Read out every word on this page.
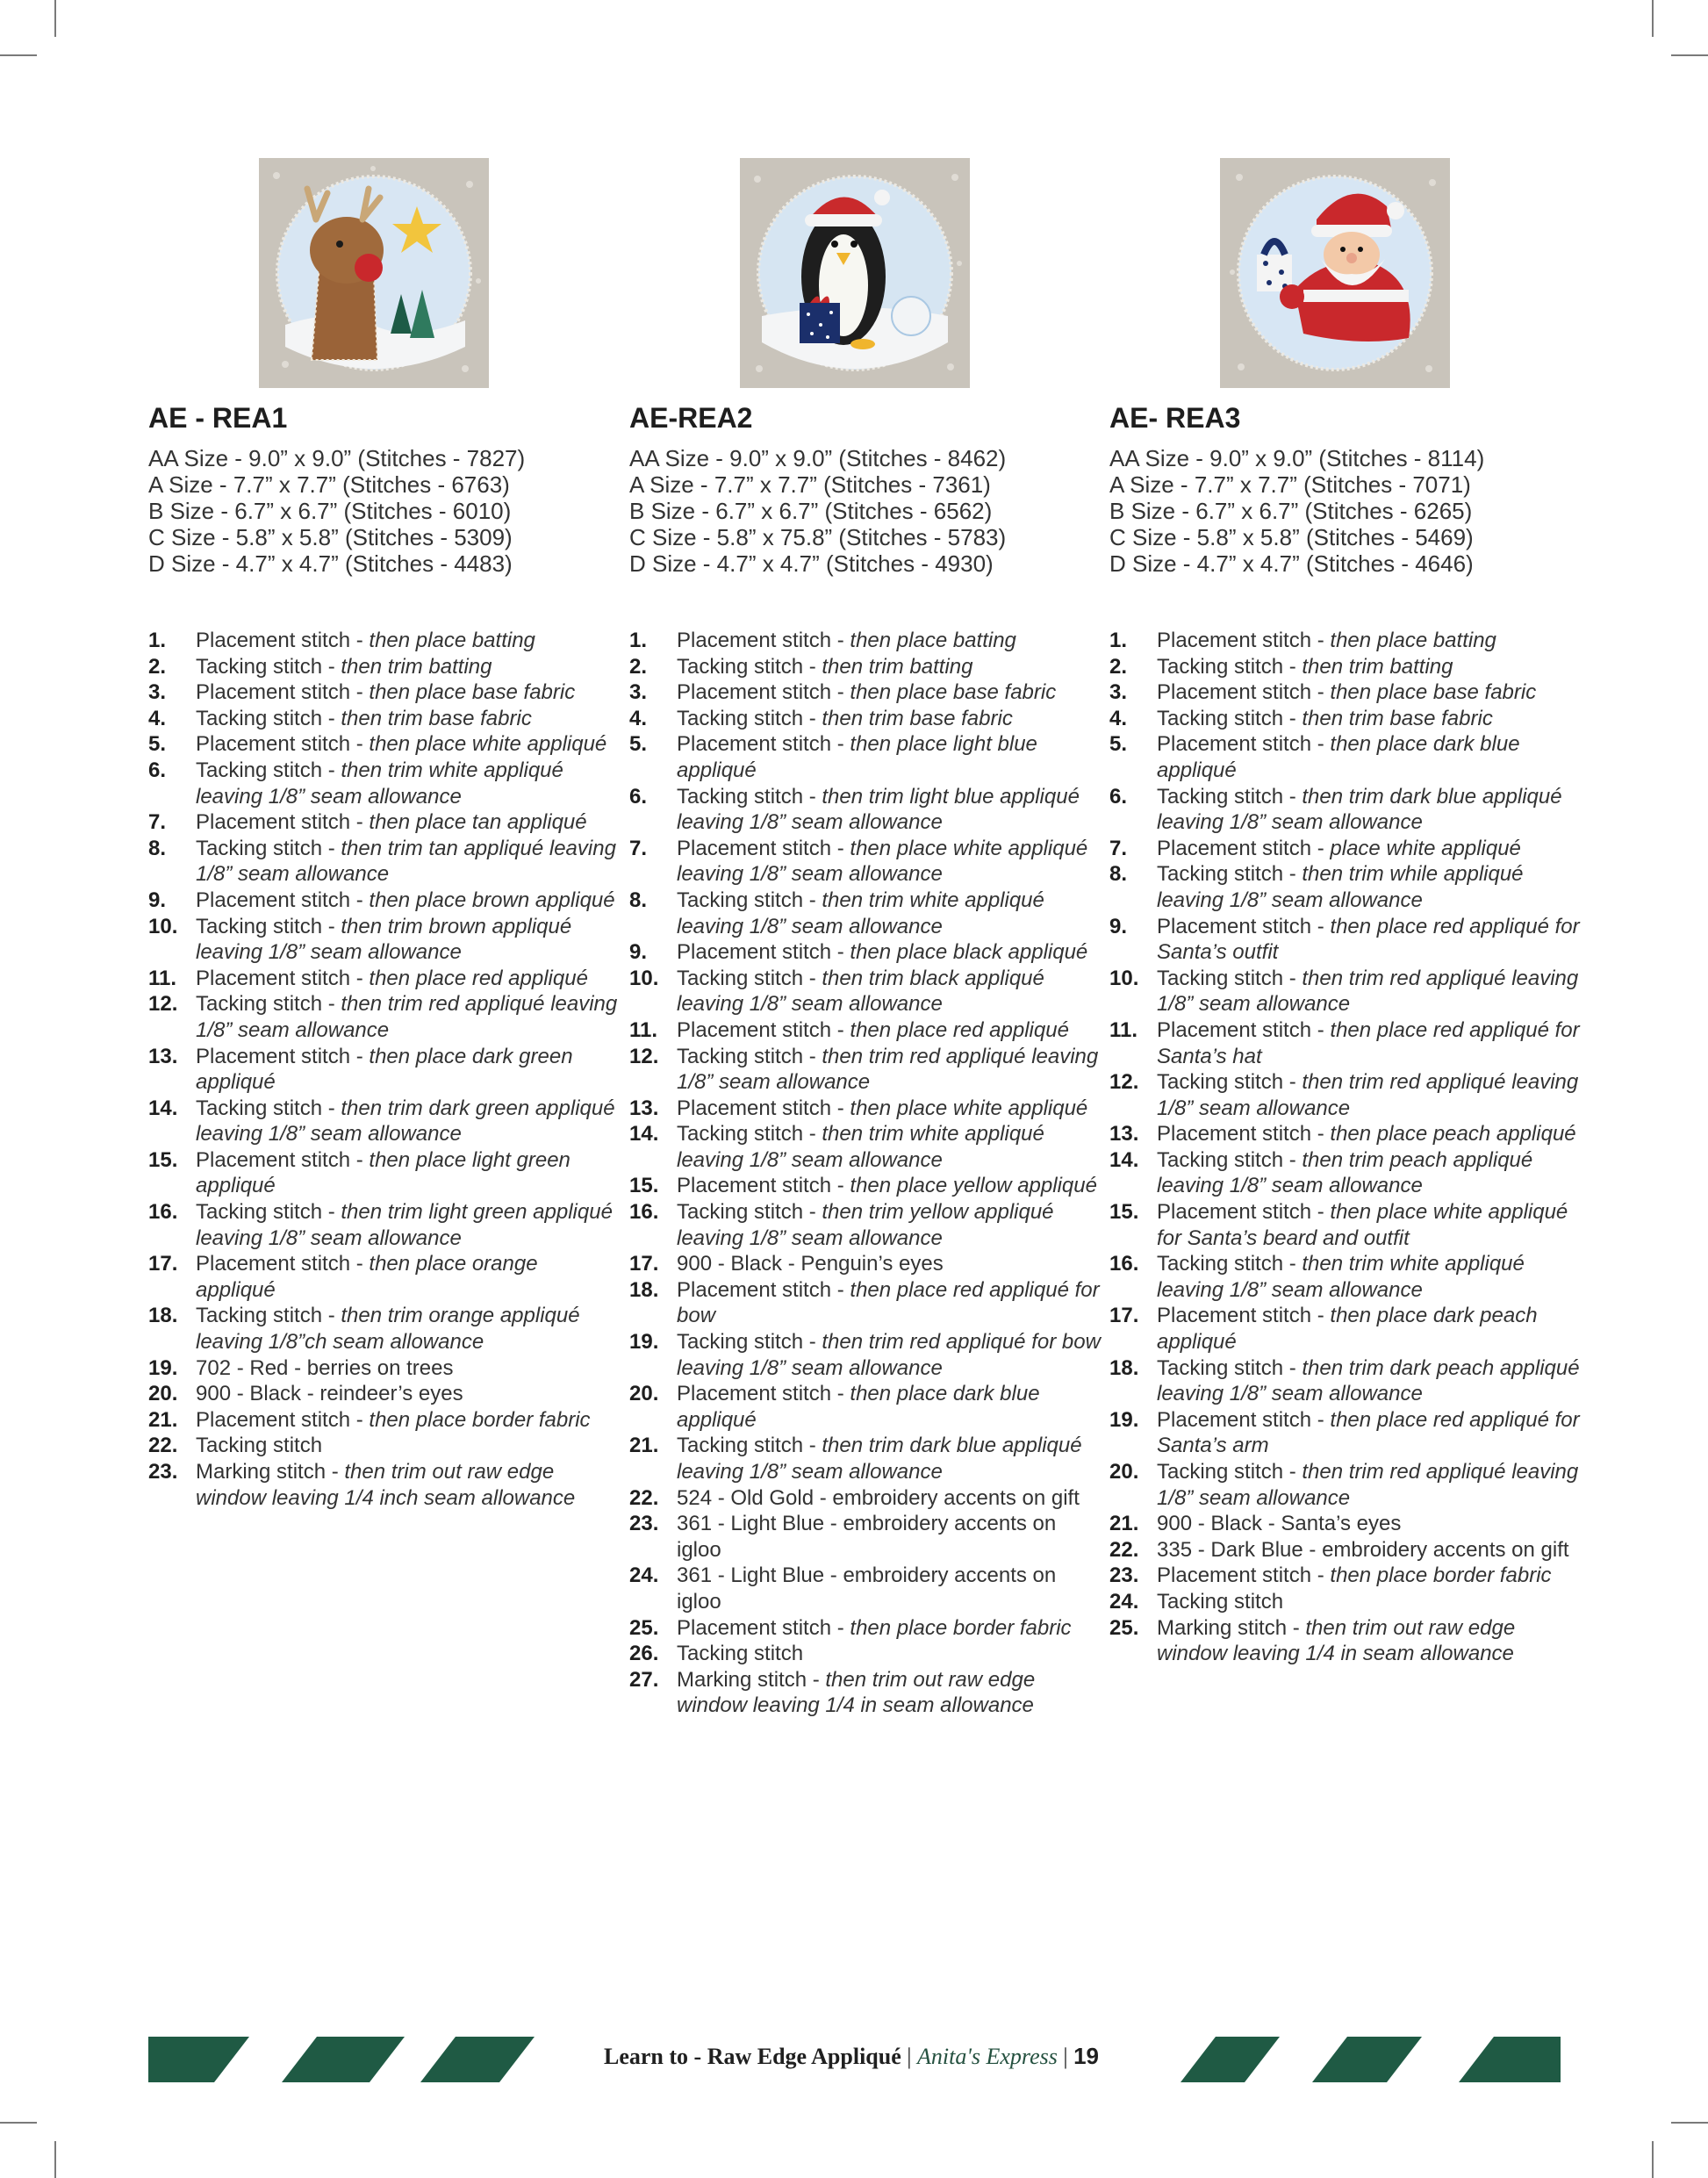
AE - REA1
AA Size - 9.0” x 9.0” (Stitches - 7827)
A Size - 7.7” x 7.7” (Stitches - 6763)
B Size - 6.7” x 6.7” (Stitches - 6010)
C Size - 5.8” x 5.8” (Stitches - 5309)
D Size - 4.7” x 4.7” (Stitches - 4483)
1. Placement stitch - then place batting
2. Tacking stitch - then trim batting
3. Placement stitch - then place base fabric
4. Tacking stitch - then trim base fabric
5. Placement stitch - then place white appliqué
6. Tacking stitch - then trim white appliqué leaving 1/8” seam allowance
7. Placement stitch - then place tan appliqué
8. Tacking stitch - then trim tan appliqué leaving 1/8” seam allowance
9. Placement stitch - then place brown appliqué
10. Tacking stitch - then trim brown appliqué leaving 1/8” seam allowance
11. Placement stitch - then place red appliqué
12. Tacking stitch - then trim red appliqué leaving 1/8” seam allowance
13. Placement stitch - then place dark green appliqué
14. Tacking stitch - then trim dark green appliqué leaving 1/8” seam allowance
15. Placement stitch - then place light green appliqué
16. Tacking stitch - then trim light green appliqué leaving 1/8” seam allowance
17. Placement stitch - then place orange appliqué
18. Tacking stitch - then trim orange appliqué leaving 1/8”ch seam allowance
19. 702 - Red - berries on trees
20. 900 - Black - reindeer’s eyes
21. Placement stitch - then place border fabric
22. Tacking stitch
23. Marking stitch - then trim out raw edge window leaving 1/4 inch seam allowance
AE-REA2
AA Size - 9.0” x 9.0” (Stitches - 8462)
A Size - 7.7” x 7.7” (Stitches - 7361)
B Size - 6.7” x 6.7” (Stitches - 6562)
C Size - 5.8” x 75.8” (Stitches - 5783)
D Size - 4.7” x 4.7” (Stitches - 4930)
1. Placement stitch - then place batting
2. Tacking stitch - then trim batting
3. Placement stitch - then place base fabric
4. Tacking stitch - then trim base fabric
5. Placement stitch - then place light blue appliqué
6. Tacking stitch - then trim light blue appliqué leaving 1/8” seam allowance
7. Placement stitch - then place white appliqué leaving 1/8” seam allowance
8. Tacking stitch - then trim white appliqué leaving 1/8” seam allowance
9. Placement stitch - then place black appliqué
10. Tacking stitch - then trim black appliqué leaving 1/8” seam allowance
11. Placement stitch - then place red appliqué
12. Tacking stitch - then trim red appliqué leaving 1/8” seam allowance
13. Placement stitch - then place white appliqué
14. Tacking stitch - then trim white appliqué leaving 1/8” seam allowance
15. Placement stitch - then place yellow appliqué
16. Tacking stitch - then trim yellow appliqué leaving 1/8” seam allowance
17. 900 - Black - Penguin’s eyes
18. Placement stitch - then place red appliqué for bow
19. Tacking stitch - then trim red appliqué for bow leaving 1/8” seam allowance
20. Placement stitch - then place dark blue appliqué
21. Tacking stitch - then trim dark blue appliqué leaving 1/8” seam allowance
22. 524 - Old Gold - embroidery accents on gift
23. 361 - Light Blue - embroidery accents on igloo
24. 361 - Light Blue - embroidery accents on igloo
25. Placement stitch - then place border fabric
26. Tacking stitch
27. Marking stitch - then trim out raw edge window leaving 1/4 in seam allowance
AE- REA3
AA Size - 9.0” x 9.0” (Stitches - 8114)
A Size - 7.7” x 7.7” (Stitches - 7071)
B Size - 6.7” x 6.7” (Stitches - 6265)
C Size - 5.8” x 5.8” (Stitches - 5469)
D Size - 4.7” x 4.7” (Stitches - 4646)
1. Placement stitch - then place batting
2. Tacking stitch - then trim batting
3. Placement stitch - then place base fabric
4. Tacking stitch - then trim base fabric
5. Placement stitch - then place dark blue appliqué
6. Tacking stitch - then trim dark blue appliqué leaving 1/8” seam allowance
7. Placement stitch - place white appliqué
8. Tacking stitch - then trim while appliqué leaving 1/8” seam allowance
9. Placement stitch - then place red appliqué for Santa’s outfit
10. Tacking stitch - then trim red appliqué leaving 1/8” seam allowance
11. Placement stitch - then place red appliqué for Santa’s hat
12. Tacking stitch - then trim red appliqué leaving 1/8” seam allowance
13. Placement stitch - then place peach appliqué
14. Tacking stitch - then trim peach appliqué leaving 1/8” seam allowance
15. Placement stitch - then place white appliqué for Santa’s beard and outfit
16. Tacking stitch - then trim white appliqué leaving 1/8” seam allowance
17. Placement stitch - then place dark peach appliqué
18. Tacking stitch - then trim dark peach appliqué leaving 1/8” seam allowance
19. Placement stitch - then place red appliqué for Santa’s arm
20. Tacking stitch - then trim red appliqué leaving 1/8” seam allowance
21. 900 - Black - Santa’s eyes
22. 335 - Dark Blue - embroidery accents on gift
23. Placement stitch - then place border fabric
24. Tacking stitch
25. Marking stitch - then trim out raw edge window leaving 1/4 in seam allowance
Learn to - Raw Edge Appliqué | Anita's Express | 19
